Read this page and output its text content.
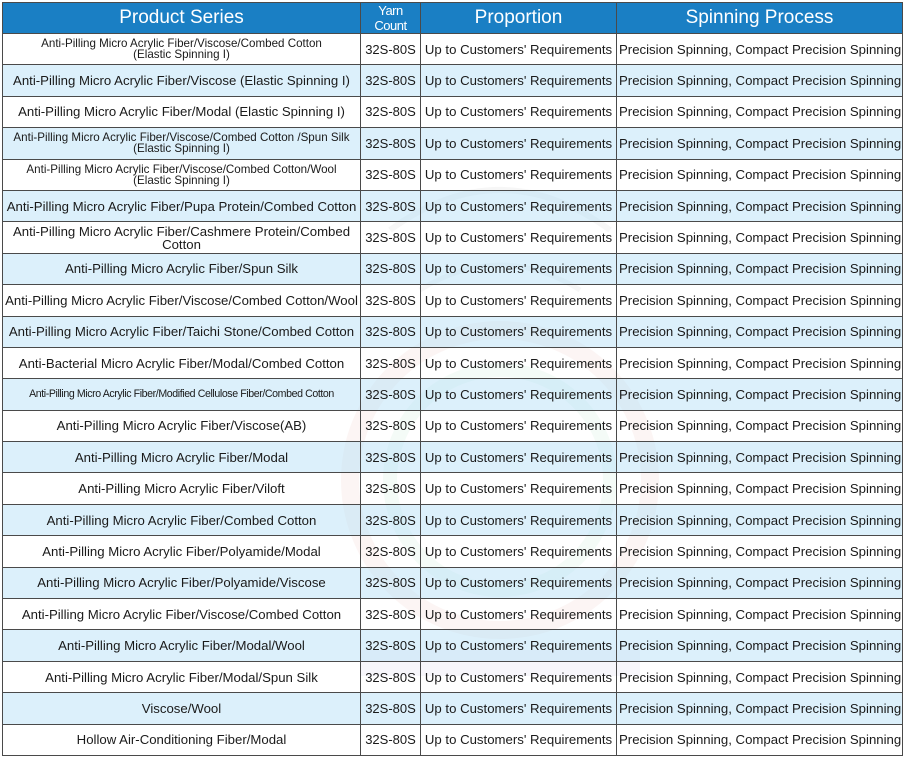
Product Series	Yarn Count	Proportion	Spinning Process
Anti-Pilling Micro Acrylic Fiber/Viscose/Combed Cotton
(Elastic Spinning I)	32S-80S	Up to Customers' Requirements	Precision Spinning, Compact Precision Spinning
Anti-Pilling Micro Acrylic Fiber/Viscose (Elastic Spinning I)	32S-80S	Up to Customers' Requirements	Precision Spinning, Compact Precision Spinning
Anti-Pilling Micro Acrylic Fiber/Modal (Elastic Spinning I)	32S-80S	Up to Customers' Requirements	Precision Spinning, Compact Precision Spinning
Anti-Pilling Micro Acrylic Fiber/Viscose/Combed Cotton /Spun Silk
(Elastic Spinning I)	32S-80S	Up to Customers' Requirements	Precision Spinning, Compact Precision Spinning
Anti-Pilling Micro Acrylic Fiber/Viscose/Combed Cotton/Wool
(Elastic Spinning I)	32S-80S	Up to Customers' Requirements	Precision Spinning, Compact Precision Spinning
Anti-Pilling Micro Acrylic Fiber/Pupa Protein/Combed Cotton	32S-80S	Up to Customers' Requirements	Precision Spinning, Compact Precision Spinning
Anti-Pilling Micro Acrylic Fiber/Cashmere Protein/Combed Cotton	32S-80S	Up to Customers' Requirements	Precision Spinning, Compact Precision Spinning
Anti-Pilling Micro Acrylic Fiber/Spun Silk	32S-80S	Up to Customers' Requirements	Precision Spinning, Compact Precision Spinning
Anti-Pilling Micro Acrylic Fiber/Viscose/Combed Cotton/Wool	32S-80S	Up to Customers' Requirements	Precision Spinning, Compact Precision Spinning
Anti-Pilling Micro Acrylic Fiber/Taichi Stone/Combed Cotton	32S-80S	Up to Customers' Requirements	Precision Spinning, Compact Precision Spinning
Anti-Bacterial Micro Acrylic Fiber/Modal/Combed Cotton	32S-80S	Up to Customers' Requirements	Precision Spinning, Compact Precision Spinning
Anti-Pilling Micro Acrylic Fiber/Modified Cellulose Fiber/Combed Cotton	32S-80S	Up to Customers' Requirements	Precision Spinning, Compact Precision Spinning
Anti-Pilling Micro Acrylic Fiber/Viscose(AB)	32S-80S	Up to Customers' Requirements	Precision Spinning, Compact Precision Spinning
Anti-Pilling Micro Acrylic Fiber/Modal	32S-80S	Up to Customers' Requirements	Precision Spinning, Compact Precision Spinning
Anti-Pilling Micro Acrylic Fiber/Viloft	32S-80S	Up to Customers' Requirements	Precision Spinning, Compact Precision Spinning
Anti-Pilling Micro Acrylic Fiber/Combed Cotton	32S-80S	Up to Customers' Requirements	Precision Spinning, Compact Precision Spinning
Anti-Pilling Micro Acrylic Fiber/Polyamide/Modal	32S-80S	Up to Customers' Requirements	Precision Spinning, Compact Precision Spinning
Anti-Pilling Micro Acrylic Fiber/Polyamide/Viscose	32S-80S	Up to Customers' Requirements	Precision Spinning, Compact Precision Spinning
Anti-Pilling Micro Acrylic Fiber/Viscose/Combed Cotton	32S-80S	Up to Customers' Requirements	Precision Spinning, Compact Precision Spinning
Anti-Pilling Micro Acrylic Fiber/Modal/Wool	32S-80S	Up to Customers' Requirements	Precision Spinning, Compact Precision Spinning
Anti-Pilling Micro Acrylic Fiber/Modal/Spun Silk	32S-80S	Up to Customers' Requirements	Precision Spinning, Compact Precision Spinning
Viscose/Wool	32S-80S	Up to Customers' Requirements	Precision Spinning, Compact Precision Spinning
Hollow Air-Conditioning Fiber/Modal	32S-80S	Up to Customers' Requirements	Precision Spinning, Compact Precision Spinning
